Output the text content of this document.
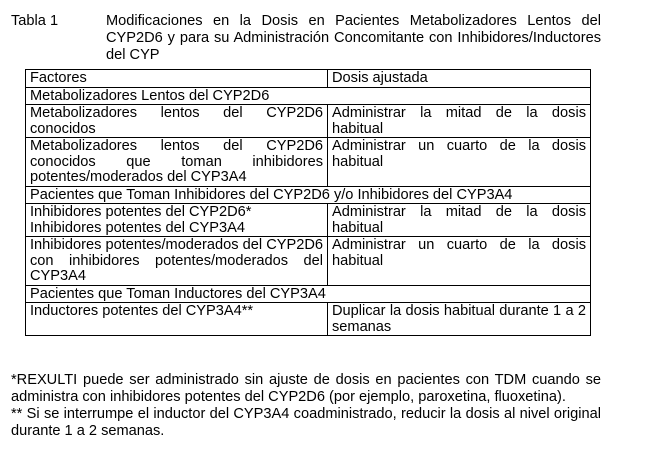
Tabla 1	Modificaciones en la Dosis en Pacientes Metabolizadores Lentos del CYP2D6 y para su Administración Concomitante con Inhibidores/Inductores del CYP
Factores	Dosis ajustada
Metabolizadores Lentos del CYP2D6	
Metabolizadores lentos del CYP2D6 conocidos	Administrar la mitad de la dosis habitual
Metabolizadores lentos del CYP2D6 conocidos que toman inhibidores potentes/moderados del CYP3A4	Administrar un cuarto de la dosis habitual
Pacientes que Toman Inhibidores del CYP2D6 y/o Inhibidores del CYP3A4	

Inhibidores potentes del CYP2D6*
Inhibidores potentes del CYP3A4	Administrar la mitad de la dosis habitual
Inhibidores potentes/moderados del CYP2D6 con inhibidores potentes/moderados del CYP3A4	Administrar un cuarto de la dosis habitual
Pacientes que Toman Inductores del CYP3A4	
Inductores potentes del CYP3A4**	Duplicar la dosis habitual durante 1 a 2 semanas

*REXULTI puede ser administrado sin ajuste de dosis en pacientes con TDM cuando se administra con inhibidores potentes del CYP2D6 (por ejemplo, paroxetina, fluoxetina).

** Si se interrumpe el inductor del CYP3A4 coadministrado, reducir la dosis al nivel original durante 1 a 2 semanas.
